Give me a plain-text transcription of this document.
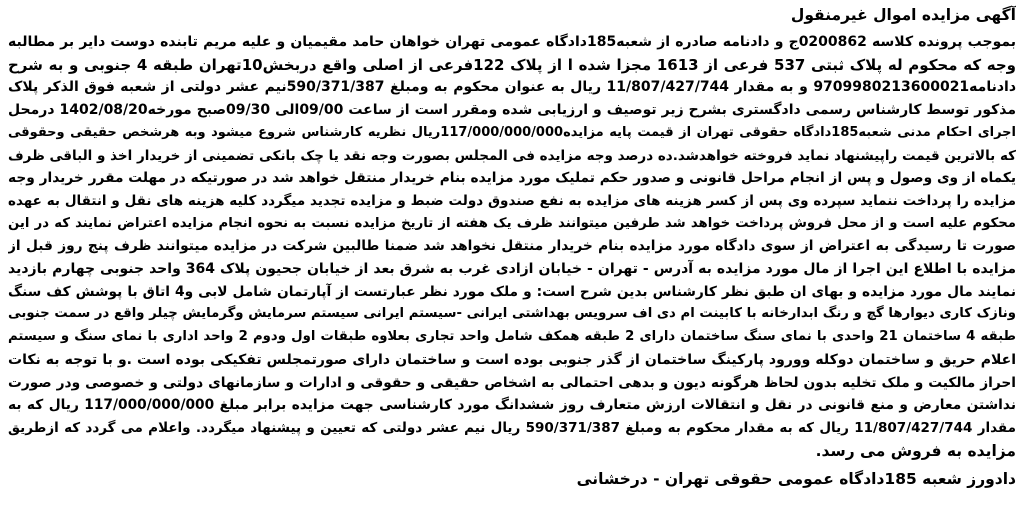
آگهی مزایده اموال غیرمنقول
بموجب پرونده کلاسه 0200862ج و دادنامه صادره از شعبه185دادگاه عمومی تهران خواهان حامد مقیمیان و علیه مریم تابنده دوست دایر بر مطالبه
وجه که محکوم له پلاک ثبتی 537 فرعی از 1613 مجزا شده ا از پلاک 122فرعی از اصلی واقع دربخش10تهران طبقه 4 جنوبی و به شرح
دادنامه9709980213600021 و به مقدار 11/807/427/744 ریال به عنوان محکوم به ومبلغ 590/371/387نیم عشر دولتی از شعبه فوق الذکر پلاک
مذکور توسط کارشناس رسمی دادگستری بشرح زیر توصیف و ارزیابی شده ومقرر است از ساعت 09/00الی 09/30صبح مورخه1402/08/20 درمحل
اجرای احکام مدنی شعبه185دادگاه حقوقی تهران از قیمت پایه مزایده117/000/000/000ریال نظریه کارشناس شروع میشود وبه هرشخص حقیقی وحقوقی
که بالاترین قیمت راپیشنهاد نماید فروخته خواهدشد.ده درصد وجه مزایده فی المجلس بصورت وجه نقد یا چک بانکی تضمینی از خریدار اخذ و الباقی ظرف
یکماه از وی وصول و پس از انجام مراحل قانونی و صدور حکم تملیک مورد مزایده بنام خریدار منتقل خواهد شد در صورتیکه در مهلت مقرر خریدار وجه
مزایده را پرداخت ننماید سپرده وی پس از کسر هزینه های مزایده به نفع صندوق دولت ضبط و مزایده تجدید میگردد کلیه هزینه های نقل و انتقال به عهده
محکوم علیه است و از محل فروش پرداخت خواهد شد طرفین میتوانند ظرف یک هفته از تاریخ مزایده نسبت به نحوه انجام مزایده اعتراض نمایند که در این
صورت تا رسیدگی به اعتراض از سوی دادگاه مورد مزایده بنام خریدار منتقل نخواهد شد ضمنا طالبین شرکت در مزایده میتوانند ظرف پنج روز قبل از
مزایده با اطلاع این اجرا از مال مورد مزایده به آدرس - تهران - خیابان ازادی غرب به شرق بعد از خیابان جحیون پلاک 364 واحد جنوبی چهارم بازدید
نمایند مال مورد مزایده و بهای ان طبق نظر کارشناس بدین شرح است: و ملک مورد نظر عبارتست از آپارتمان شامل لابی و4 اتاق با پوشش کف سنگ
ونازک کاری دیوارها گچ و رنگ ابدارخانه با کابینت ام دی اف سرویس بهداشتی ایرانی -سیستم ایرانی سیستم سرمایش وگرمایش چیلر واقع در سمت جنوبی
طبقه 4 ساختمان 21 واحدی با نمای سنگ ساختمان دارای 2 طبقه همکف شامل واحد تجاری بعلاوه طبقات اول ودوم 2 واحد اداری با نمای سنگ و سیستم
اعلام حریق و ساختمان دوکله وورود پارکینگ ساختمان از گذر جنوبی بوده است و ساختمان دارای صورتمجلس تفکیکی بوده است .و با توجه به نکات
احراز مالکیت و ملک تخلیه بدون لحاظ هرگونه دیون و بدهی احتمالی به اشخاص حقیقی و حقوقی و ادارات و سازمانهای دولتی و خصوصی ودر صورت
نداشتن معارض و منع قانونی در نقل و انتقالات ارزش متعارف روز ششدانگ مورد کارشناسی جهت مزایده برابر مبلغ 117/000/000/000 ریال که به
مقدار 11/807/427/744 ریال که به مقدار محکوم به ومبلغ 590/371/387 ریال نیم عشر دولتی که تعیین و پیشنهاد میگردد. واعلام می گردد که ازطریق
مزایده به فروش می رسد.
دادورز شعبه 185دادگاه عمومی حقوقی تهران - درخشانی
